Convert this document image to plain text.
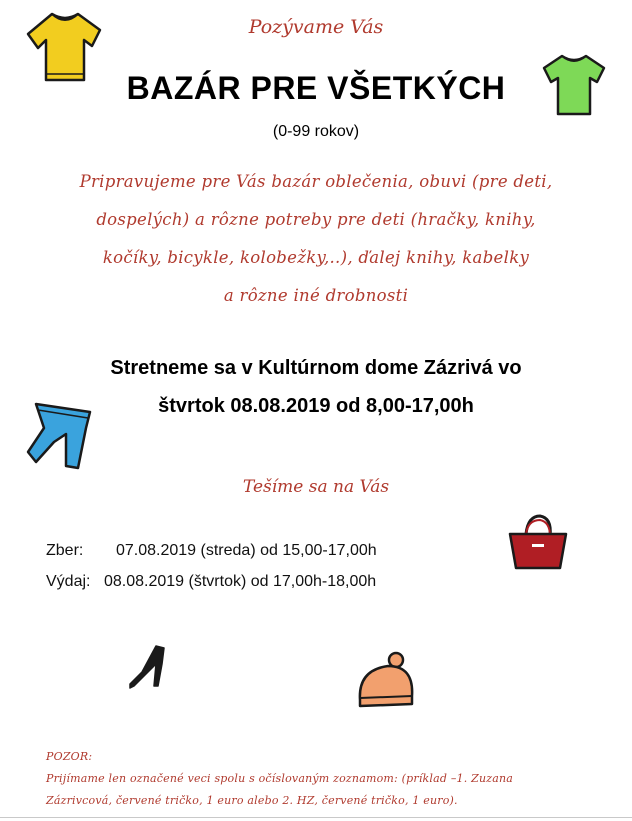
Pozývame Vás
BAZÁR PRE VŠETKÝCH
(0-99 rokov)
Pripravujeme pre Vás bazár oblečenia, obuvi (pre deti,
dospelých) a rôzne potreby pre deti (hračky, knihy,
kočíky, bicykle, kolobežky,..), ďalej knihy, kabelky
a rôzne iné drobnosti
Stretneme sa v Kultúrnom dome Zázrivá vo
štvrtok 08.08.2019 od 8,00-17,00h
Tešíme sa na Vás
Zber: 07.08.2019 (streda) od 15,00-17,00h
Výdaj: 08.08.2019 (štvrtok) od 17,00h-18,00h
POZOR:
Prijímame len označené veci spolu s očíslovaným zoznamom: (príklad –1. Zuzana
Zázrivcová, červené tričko, 1 euro alebo 2. HZ, červené tričko, 1 euro).
